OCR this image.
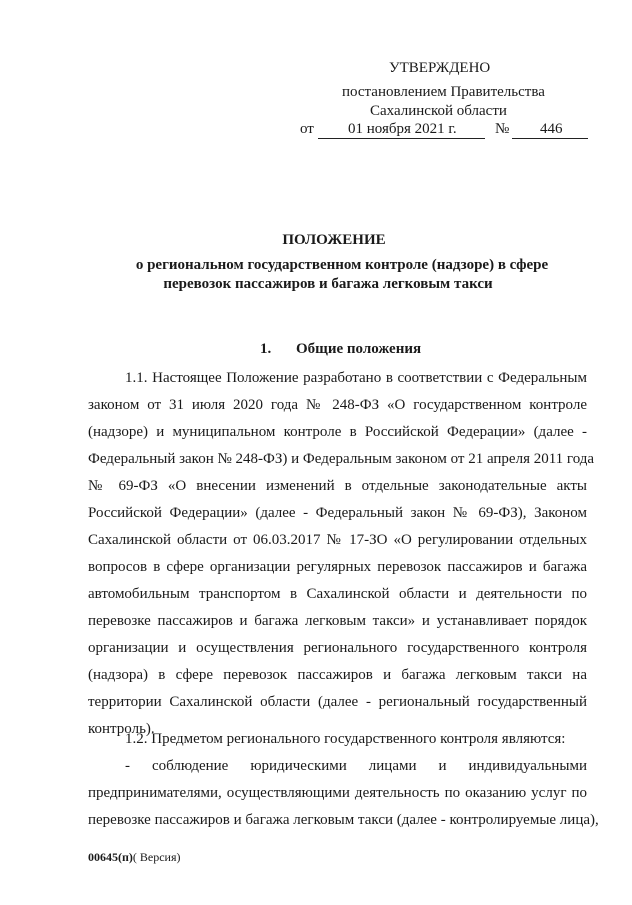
УТВЕРЖДЕНО
постановлением Правительства
Сахалинской области
от 01 ноября 2021 г.	№ 446
ПОЛОЖЕНИЕ
о региональном государственном контроле (надзоре) в сфере
перевозок пассажиров и багажа легковым такси
1. Общие положения
1.1. Настоящее Положение разработано в соответствии с Федеральным
законом от 31 июля 2020 года № 248-ФЗ «О государственном контроле
(надзоре) и муниципальном контроле в Российской Федерации» (далее -
Федеральный закон № 248-ФЗ) и Федеральным законом от 21 апреля 2011 года
№ 69-ФЗ «О внесении изменений в отдельные законодательные акты
Российской Федерации» (далее - Федеральный закон № 69-ФЗ), Законом
Сахалинской области от 06.03.2017 № 17-ЗО «О регулировании отдельных
вопросов в сфере организации регулярных перевозок пассажиров и багажа
автомобильным транспортом в Сахалинской области и деятельности по
перевозке пассажиров и багажа легковым такси» и устанавливает порядок
организации и осуществления регионального государственного контроля
(надзора) в сфере перевозок пассажиров и багажа легковым такси на
территории Сахалинской области (далее - региональный государственный
контроль).
1.2. Предметом регионального государственного контроля являются:
- соблюдение юридическими лицами и индивидуальными
предпринимателями, осуществляющими деятельность по оказанию услуг по
перевозке пассажиров и багажа легковым такси (далее - контролируемые лица),
00645(п)( Версия)
